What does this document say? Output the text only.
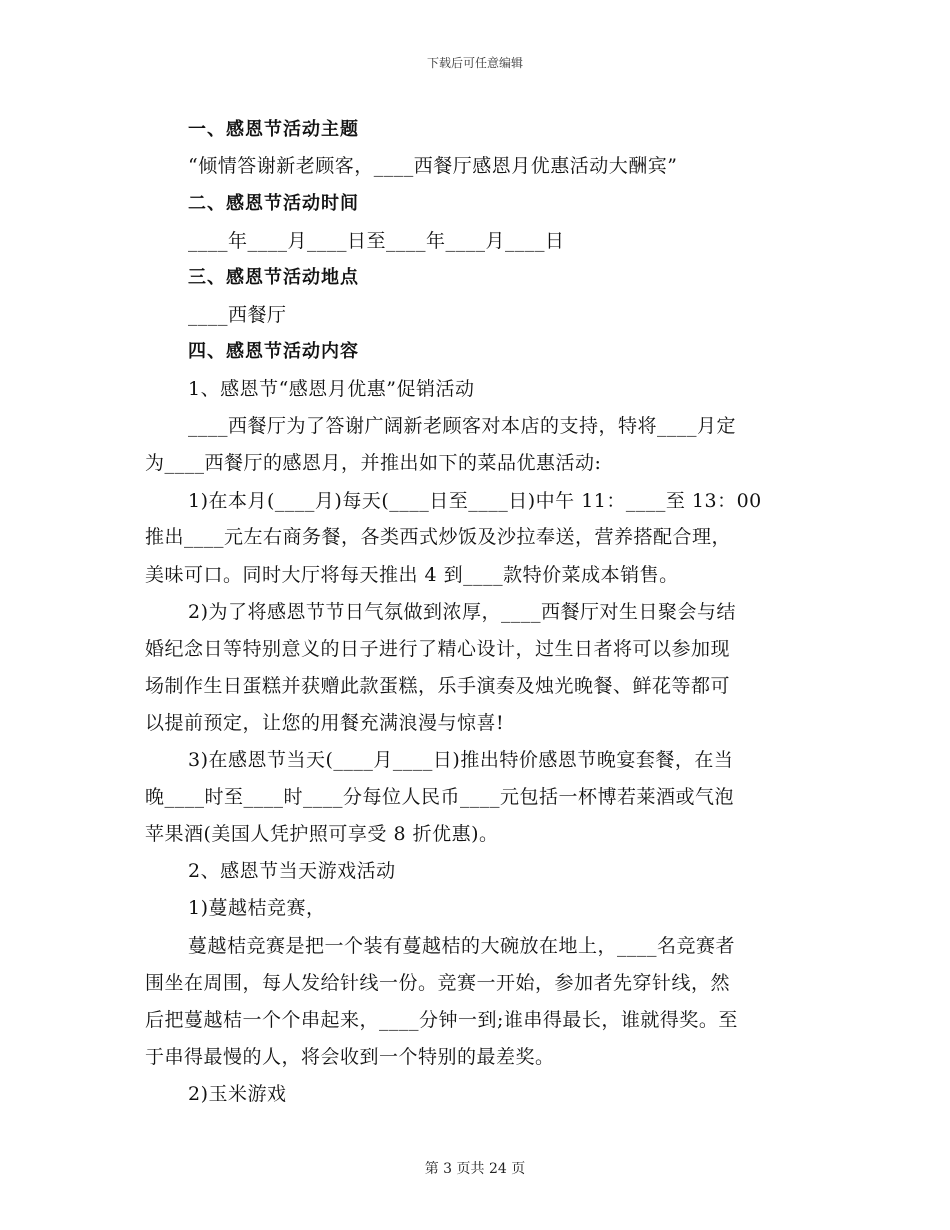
下载后可任意编辑
一、感恩节活动主题
“倾情答谢新老顾客，____西餐厅感恩月优惠活动大酬宾”
二、感恩节活动时间
____年____月____日至____年____月____日
三、感恩节活动地点
____西餐厅
四、感恩节活动内容
1、感恩节“感恩月优惠”促销活动
____西餐厅为了答谢广阔新老顾客对本店的支持，特将____月定
为____西餐厅的感恩月，并推出如下的菜品优惠活动:
1)在本月(____月)每天(____日至____日)中午 11：____至 13：00
推出____元左右商务餐，各类西式炒饭及沙拉奉送，营养搭配合理，
美味可口。同时大厅将每天推出 4 到____款特价菜成本销售。
2)为了将感恩节节日气氛做到浓厚，____西餐厅对生日聚会与结
婚纪念日等特别意义的日子进行了精心设计，过生日者将可以参加现
场制作生日蛋糕并获赠此款蛋糕，乐手演奏及烛光晚餐、鲜花等都可
以提前预定，让您的用餐充满浪漫与惊喜!
3)在感恩节当天(____月____日)推出特价感恩节晚宴套餐，在当
晚____时至____时____分每位人民币____元包括一杯博若莱酒或气泡
苹果酒(美国人凭护照可享受 8 折优惠)。
2、感恩节当天游戏活动
1)蔓越桔竞赛，
蔓越桔竞赛是把一个装有蔓越桔的大碗放在地上，____名竞赛者
围坐在周围，每人发给针线一份。竞赛一开始，参加者先穿针线，然
后把蔓越桔一个个串起来，____分钟一到;谁串得最长，谁就得奖。至
于串得最慢的人，将会收到一个特别的最差奖。
2)玉米游戏
第 3 页共 24 页
